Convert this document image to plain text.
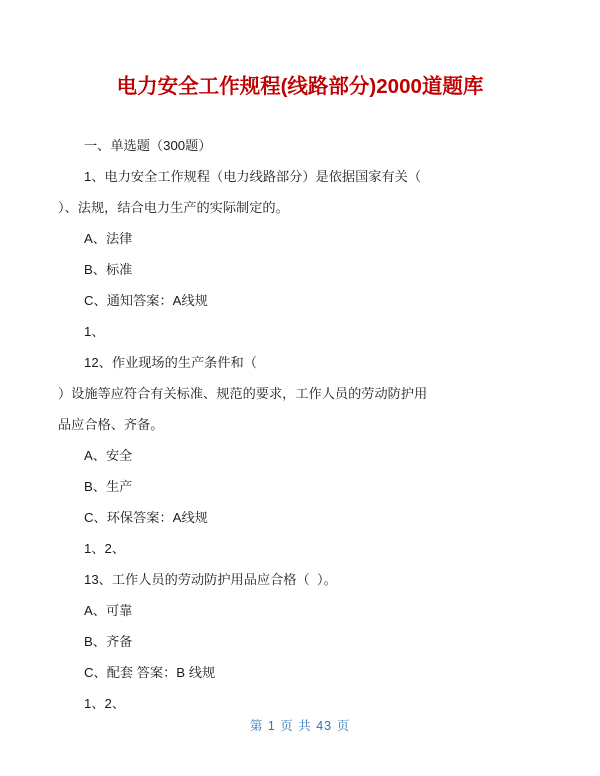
电力安全工作规程(线路部分)2000道题库

一、单选题（300题）

1、电力安全工作规程（电力线路部分）是依据国家有关（

）、法规，结合电力生产的实际制定的。

A、法律

B、标准

C、通知答案：A线规

1、

12、作业现场的生产条件和（

）设施等应符合有关标准、规范的要求，工作人员的劳动防护用

品应合格、齐备。

A、安全

B、生产

C、环保答案：A线规

1、2、

13、工作人员的劳动防护用品应合格（  ）。

A、可靠

B、齐备

C、配套 答案：B 线规

1、2、

第 1 页 共 43 页
